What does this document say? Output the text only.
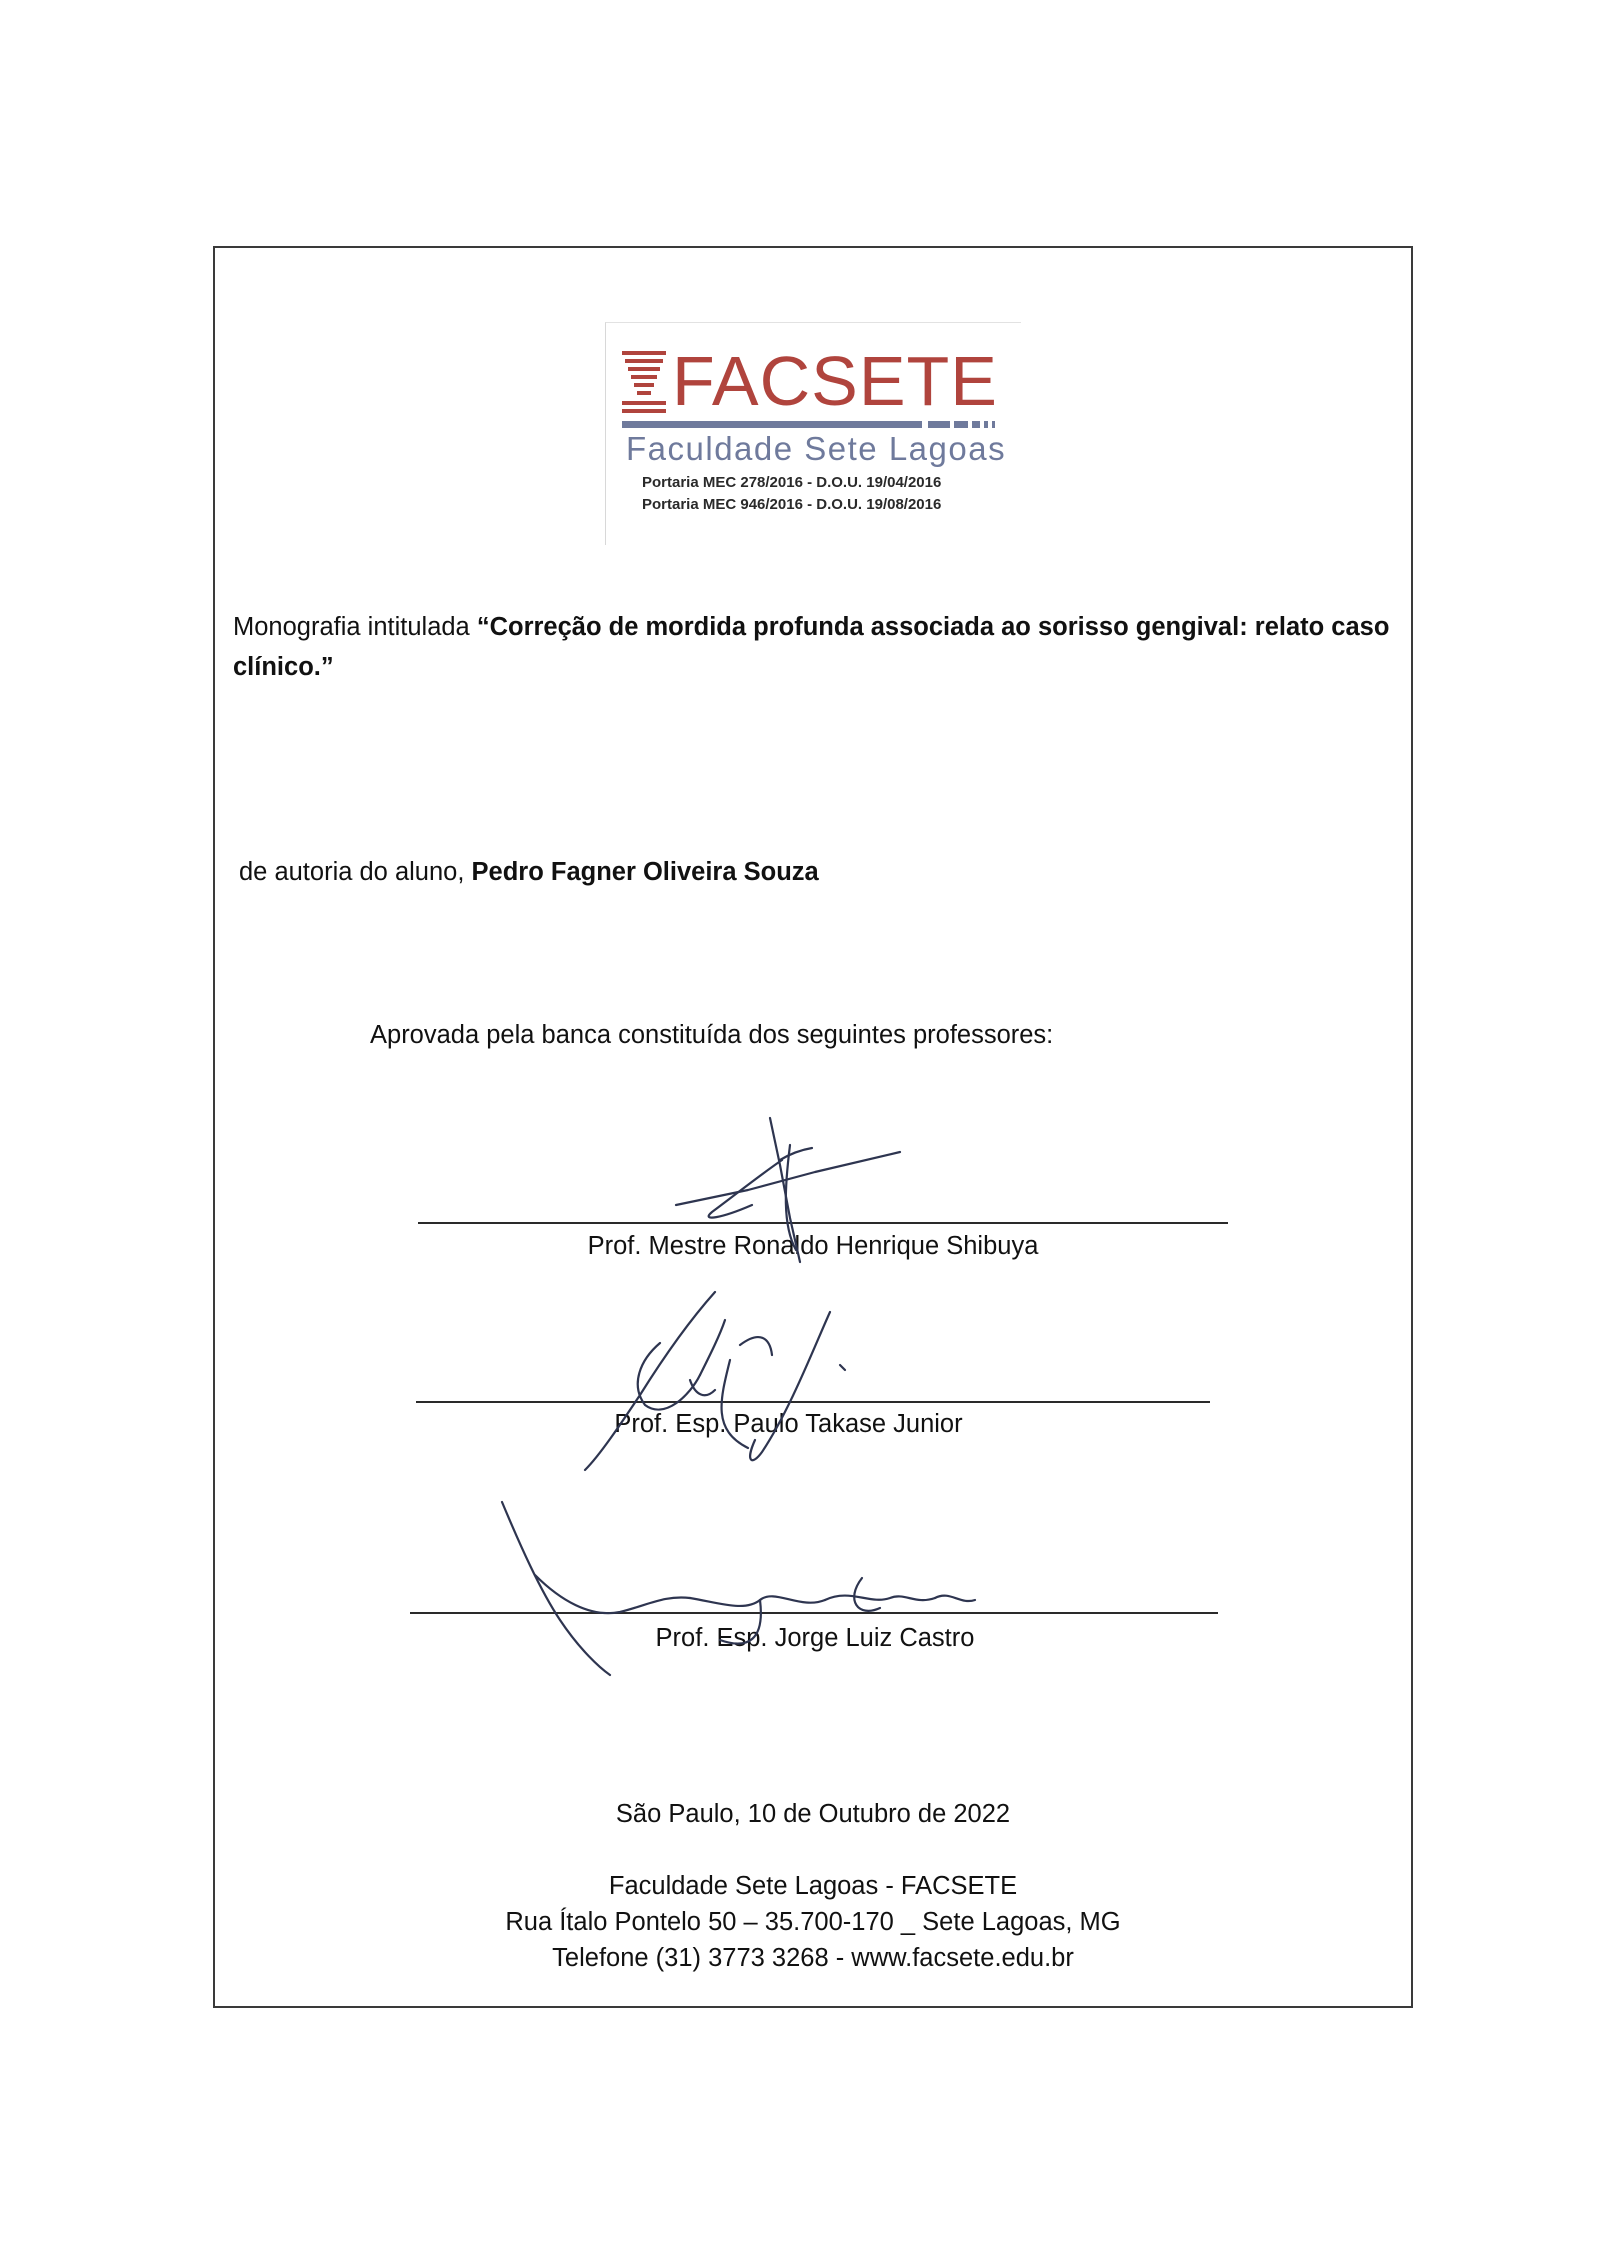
FACSETE
Faculdade Sete Lagoas
Portaria MEC 278/2016 - D.O.U. 19/04/2016
Portaria MEC 946/2016 - D.O.U. 19/08/2016
Monografia intitulada “Correção de mordida profunda associada ao sorisso gengival: relato caso clínico.”
de autoria do aluno, Pedro Fagner Oliveira Souza
Aprovada pela banca constituída dos seguintes professores:
Prof. Mestre Ronaldo Henrique Shibuya
Prof. Esp. Paulo Takase Junior
Prof. Esp. Jorge Luiz Castro
São Paulo, 10 de Outubro de 2022
Faculdade Sete Lagoas - FACSETE
Rua Ítalo Pontelo 50 – 35.700-170 _ Sete Lagoas, MG
Telefone (31) 3773 3268 - www.facsete.edu.br
